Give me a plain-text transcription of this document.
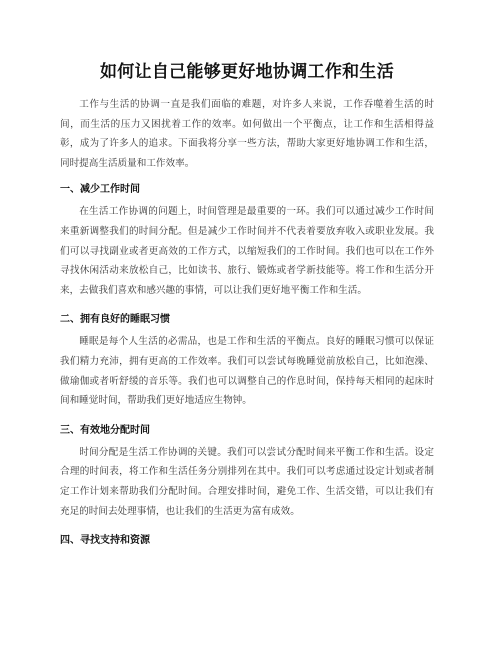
如何让自己能够更好地协调工作和生活

工作与生活的协调一直是我们面临的难题，对许多人来说，工作吞噬着生活的时间，而生活的压力又困扰着工作的效率。如何做出一个平衡点，让工作和生活相得益彰，成为了许多人的追求。下面我将分享一些方法，帮助大家更好地协调工作和生活，同时提高生活质量和工作效率。

一、减少工作时间

在生活工作协调的问题上，时间管理是最重要的一环。我们可以通过减少工作时间来重新调整我们的时间分配。但是减少工作时间并不代表着要放弃收入或职业发展。我们可以寻找副业或者更高效的工作方式，以缩短我们的工作时间。我们也可以在工作外寻找休闲活动来放松自己，比如读书、旅行、锻炼或者学新技能等。将工作和生活分开来，去做我们喜欢和感兴趣的事情，可以让我们更好地平衡工作和生活。

二、拥有良好的睡眠习惯

睡眠是每个人生活的必需品，也是工作和生活的平衡点。良好的睡眠习惯可以保证我们精力充沛，拥有更高的工作效率。我们可以尝试每晚睡觉前放松自己，比如泡澡、做瑜伽或者听舒缓的音乐等。我们也可以调整自己的作息时间，保持每天相同的起床时间和睡觉时间，帮助我们更好地适应生物钟。

三、有效地分配时间

时间分配是生活工作协调的关键。我们可以尝试分配时间来平衡工作和生活。设定合理的时间表，将工作和生活任务分别排列在其中。我们可以考虑通过设定计划或者制定工作计划来帮助我们分配时间。合理安排时间，避免工作、生活交错，可以让我们有充足的时间去处理事情，也让我们的生活更为富有成效。

四、寻找支持和资源
